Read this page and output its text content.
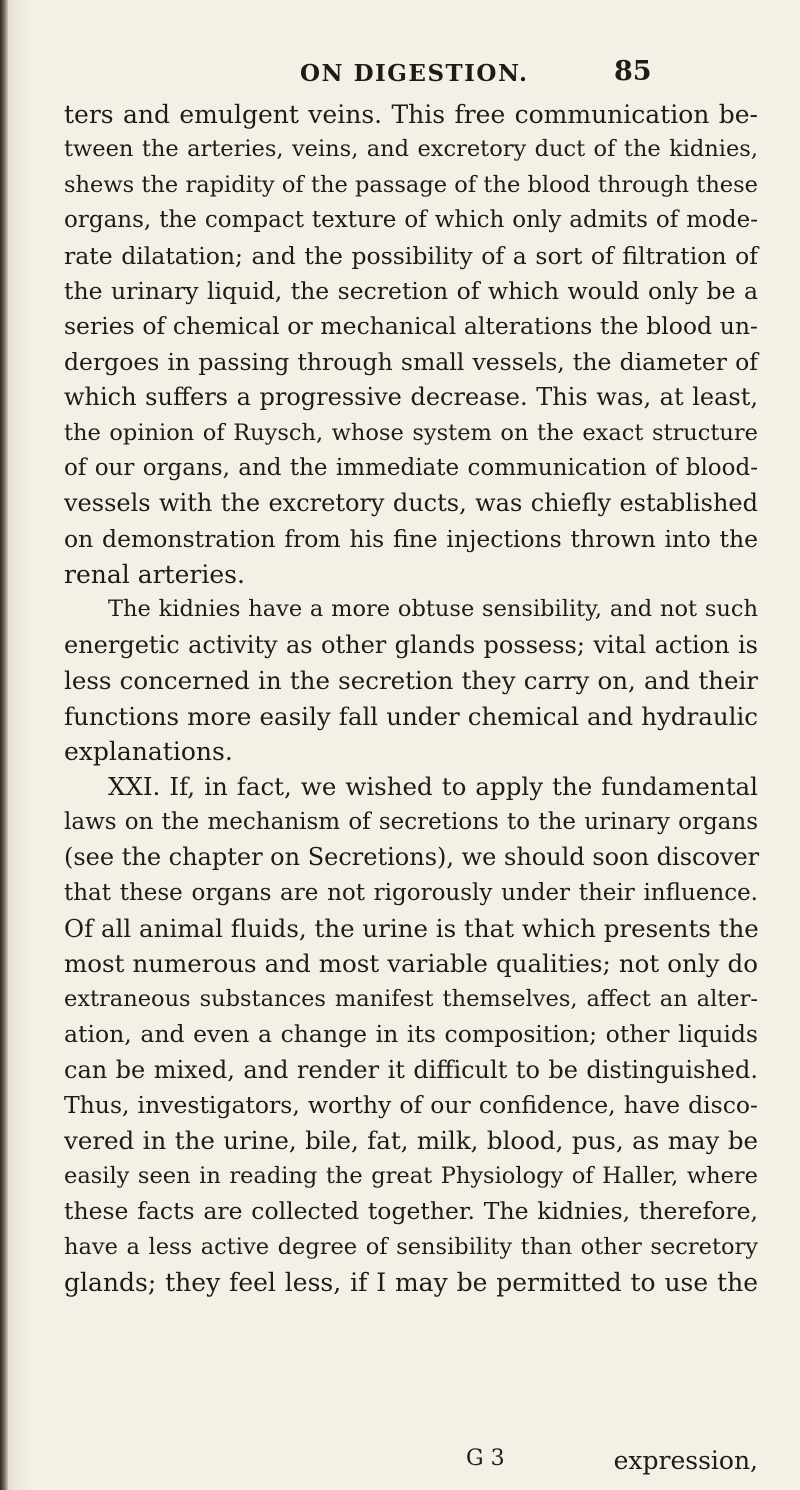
ON DIGESTION.	85
ters and emulgent veins. This free communication be-
tween the arteries, veins, and excretory duct of the kidnies,
shews the rapidity of the passage of the blood through these
organs, the compact texture of which only admits of mode-
rate dilatation; and the possibility of a sort of filtration of
the urinary liquid, the secretion of which would only be a
series of chemical or mechanical alterations the blood un-
dergoes in passing through small vessels, the diameter of
which suffers a progressive decrease. This was, at least,
the opinion of Ruysch, whose system on the exact structure
of our organs, and the immediate communication of blood-
vessels with the excretory ducts, was chiefly established
on demonstration from his fine injections thrown into the
renal arteries.
The kidnies have a more obtuse sensibility, and not such
energetic activity as other glands possess; vital action is
less concerned in the secretion they carry on, and their
functions more easily fall under chemical and hydraulic
explanations.
XXI. If, in fact, we wished to apply the fundamental
laws on the mechanism of secretions to the urinary organs
(see the chapter on Secretions), we should soon discover
that these organs are not rigorously under their influence.
Of all animal fluids, the urine is that which presents the
most numerous and most variable qualities; not only do
extraneous substances manifest themselves, affect an alter-
ation, and even a change in its composition; other liquids
can be mixed, and render it difficult to be distinguished.
Thus, investigators, worthy of our confidence, have disco-
vered in the urine, bile, fat, milk, blood, pus, as may be
easily seen in reading the great Physiology of Haller, where
these facts are collected together. The kidnies, therefore,
have a less active degree of sensibility than other secretory
glands; they feel less, if I may be permitted to use the
G 3	expression,
